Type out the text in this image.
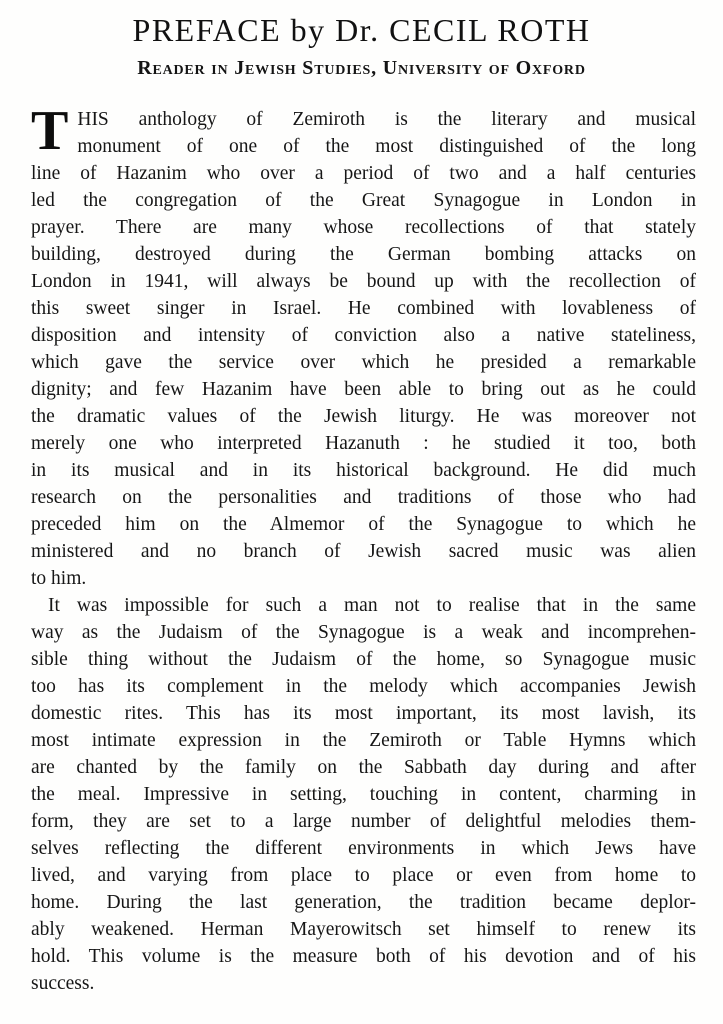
PREFACE by Dr. CECIL ROTH
Reader in Jewish Studies, University of Oxford
T HIS anthology of Zemiroth is the literary and musical
monument of one of the most distinguished of the long
line of Hazanim who over a period of two and a half centuries
led the congregation of the Great Synagogue in London in
prayer. There are many whose recollections of that stately
building, destroyed during the German bombing attacks on
London in 1941, will always be bound up with the recollection of
this sweet singer in Israel. He combined with lovableness of
disposition and intensity of conviction also a native stateliness,
which gave the service over which he presided a remarkable
dignity; and few Hazanim have been able to bring out as he could
the dramatic values of the Jewish liturgy. He was moreover not
merely one who interpreted Hazanuth : he studied it too, both
in its musical and in its historical background. He did much
research on the personalities and traditions of those who had
preceded him on the Almemor of the Synagogue to which he
ministered and no branch of Jewish sacred music was alien
to him.
It was impossible for such a man not to realise that in the same
way as the Judaism of the Synagogue is a weak and incomprehen-
sible thing without the Judaism of the home, so Synagogue music
too has its complement in the melody which accompanies Jewish
domestic rites. This has its most important, its most lavish, its
most intimate expression in the Zemiroth or Table Hymns which
are chanted by the family on the Sabbath day during and after
the meal. Impressive in setting, touching in content, charming in
form, they are set to a large number of delightful melodies them-
selves reflecting the different environments in which Jews have
lived, and varying from place to place or even from home to
home. During the last generation, the tradition became deplor-
ably weakened. Herman Mayerowitsch set himself to renew its
hold. This volume is the measure both of his devotion and of his
success.
